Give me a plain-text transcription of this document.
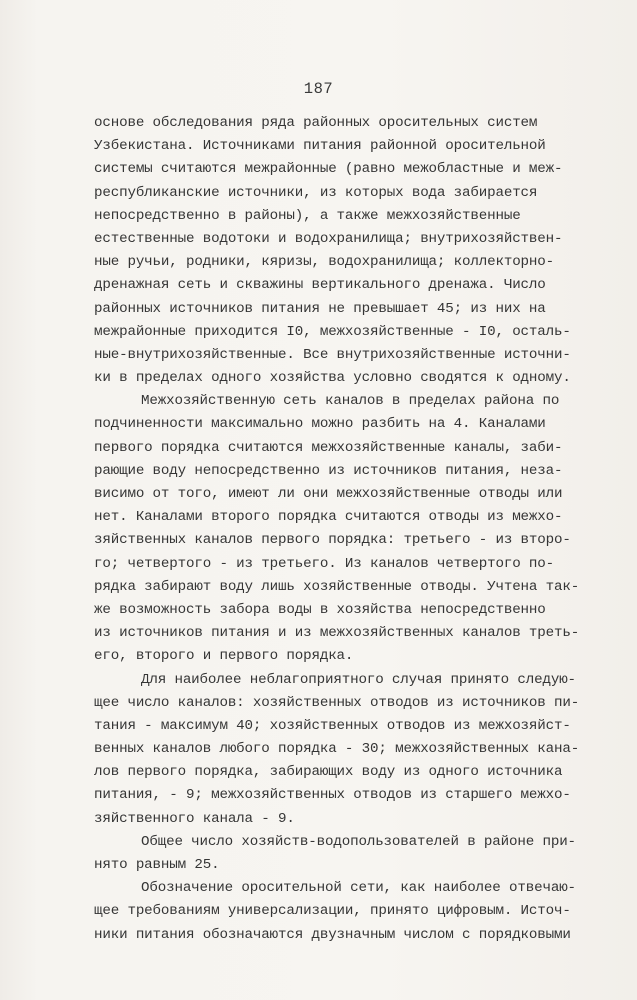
187
основе обследования ряда районных оросительных систем
Узбекистана. Источниками питания районной оросительной
системы считаются межрайонные (равно межобластные и меж-
республиканские источники, из которых вода забирается
непосредственно в районы), а также межхозяйственные
естественные водотоки и водохранилища; внутрихозяйствен-
ные ручьи, родники, кяризы, водохранилища; коллекторно-
дренажная сеть и скважины вертикального дренажа. Число
районных источников питания не превышает 45; из них на
межрайонные приходится I0, межхозяйственные - I0, осталь-
ные-внутрихозяйственные. Все внутрихозяйственные источни-
ки в пределах одного хозяйства условно сводятся к одному.
Межхозяйственную сеть каналов в пределах района по
подчиненности максимально можно разбить на 4. Каналами
первого порядка считаются межхозяйственные каналы, заби-
рающие воду непосредственно из источников питания, неза-
висимо от того, имеют ли они межхозяйственные отводы или
нет. Каналами второго порядка считаются отводы из межхо-
зяйственных каналов первого порядка: третьего - из второ-
го; четвертого - из третьего. Из каналов четвертого по-
рядка забирают воду лишь хозяйственные отводы. Учтена так-
же возможность забора воды в хозяйства непосредственно
из источников питания и из межхозяйственных каналов треть-
его, второго и первого порядка.
Для наиболее неблагоприятного случая принято следую-
щее число каналов: хозяйственных отводов из источников пи-
тания - максимум 40; хозяйственных отводов из межхозяйст-
венных каналов любого порядка - 30; межхозяйственных кана-
лов первого порядка, забирающих воду из одного источника
питания, - 9; межхозяйственных отводов из старшего межхо-
зяйственного канала - 9.
Общее число хозяйств-водопользователей в районе при-
нято равным 25.
Обозначение оросительной сети, как наиболее отвечаю-
щее требованиям универсализации, принято цифровым. Источ-
ники питания обозначаются двузначным числом с порядковыми
